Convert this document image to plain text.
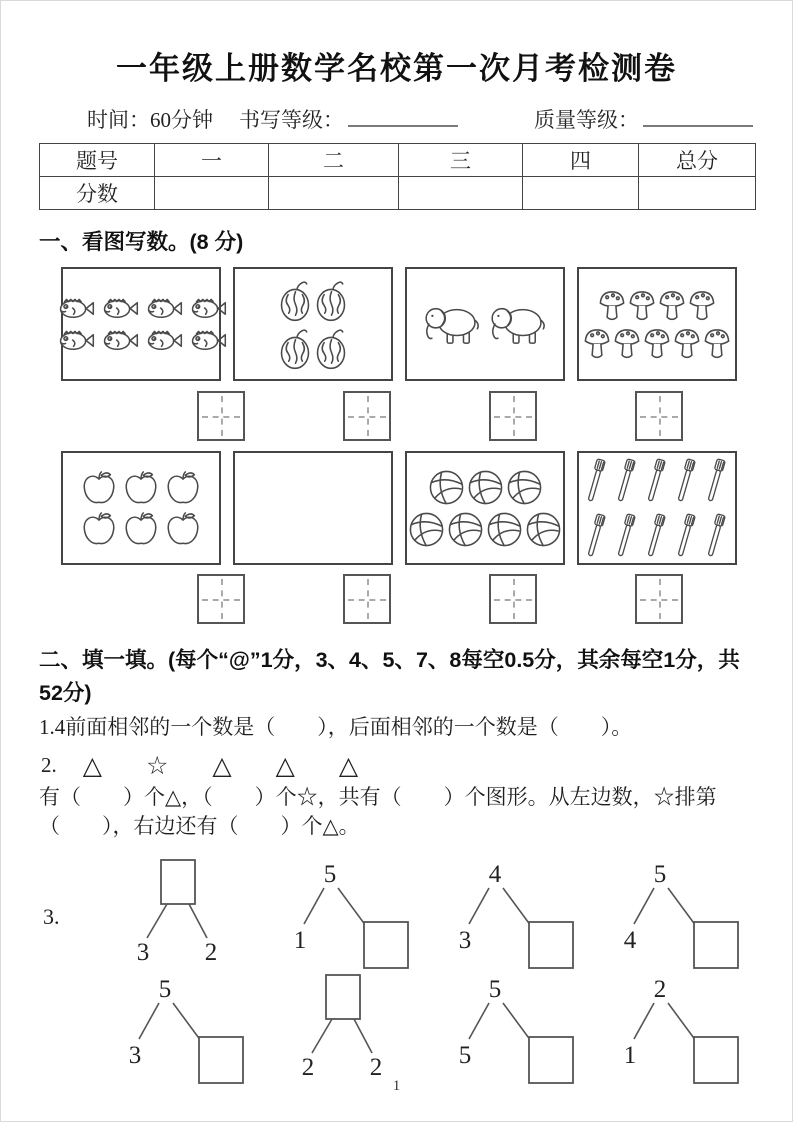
一年级上册数学名校第一次月考检测卷
时间：60分钟 书写等级：	质量等级：
题号	一	二	三	四	总分
分数					
一、看图写数。(8 分)
二、填一填。(每个“@”1分，3、4、5、7、8每空0.5分，其余每空1分，共52分)
1.4前面相邻的一个数是（　　），后面相邻的一个数是（　　）。
2. △ ☆ △ △ △
有（　　）个△，（　　）个☆，共有（　　）个图形。从左边数，☆排第
（　　），右边还有（　　）个△。
3.
3 2
5
1
4
3
5
4
5
3	2 2
5
5
2
1
1
